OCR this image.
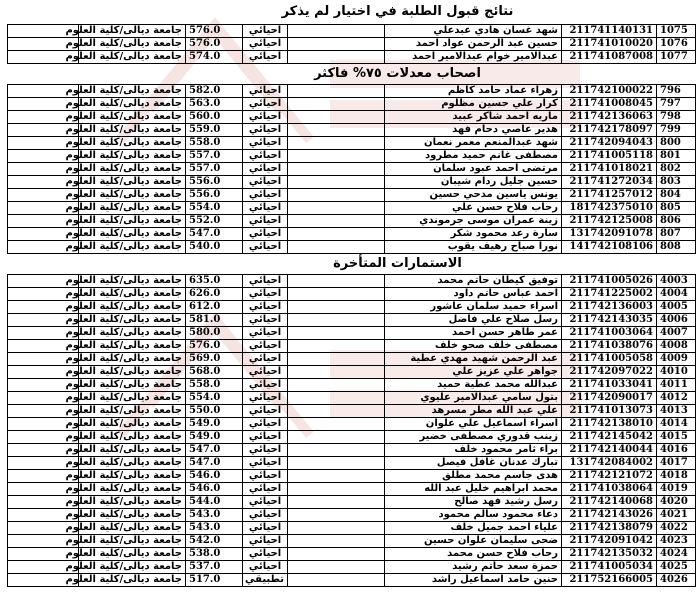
نتائج قبول الطلبة في اختيار لم يذكر
1075	211741140131	شهد غسان هادي عبدعلي		احيائي	576.0	جامعة ديالى/كلية العلوم	
1076	211741010020	حسين عبد الرحمن عواد احمد		احيائي	576.0	جامعة ديالى/كلية العلوم	
1077	211741087008	عبدالامير خوام عبدالامير احمد		احيائي	574.0	جامعة ديالى/كلية العلوم	
اصحاب معدلات ٧٥% فاكثر
796	211742100022	زهراء عماد حامد كاظم		احيائي	582.0	جامعة ديالى/كلية العلوم	
797	211741008045	كرار علي حسين مظلوم		احيائي	563.0	جامعة ديالى/كلية العلوم	
798	211742136063	ماريه احمد شاكر عبيد		احيائي	560.0	جامعة ديالى/كلية العلوم	
799	211742178097	هدير عاصي دحام فهد		احيائي	559.0	جامعة ديالى/كلية العلوم	
800	211742094043	شهد عبدالمنعم معمر نعمان		احيائي	558.0	جامعة ديالى/كلية العلوم	
801	211741005118	مصطفى غانم حميد مطرود		احيائي	557.0	جامعة ديالى/كلية العلوم	
802	211741018021	مرتضى احمد عبود سلمان		احيائي	557.0	جامعة ديالى/كلية العلوم	
803	211741272034	حسين جليل ردام شيبان		احيائي	556.0	جامعة ديالى/كلية العلوم	
804	211741257012	يونس ياسين مدحي حسين		احيائي	556.0	جامعة ديالى/كلية العلوم	
805	181742375010	رحاب فلاح حسن علي		احيائي	554.0	جامعة ديالى/كلية العلوم	
806	211742125008	زينة عمران موسى جرموندي		احيائي	552.0	جامعة ديالى/كلية العلوم	
807	131742091078	سارة رعد محمود شكر		احيائي	547.0	جامعة ديالى/كلية العلوم	
808	141742108106	نورا صباح رهيف يقوب		احيائي	540.0	جامعة ديالى/كلية العلوم	
الاستمارات المتأخرة
4003	211741005026	توفيق كيطان حاتم محمد		احيائي	635.0	جامعة ديالى/كلية العلوم	
4004	211741225002	احمد عباس حاتم داود		احيائي	626.0	جامعة ديالى/كلية العلوم	
4005	211742136003	اسراء حميد سلمان عاشور		احيائي	612.0	جامعة ديالى/كلية العلوم	
4006	211742143035	رسل صلاح علي فاضل		احيائي	581.0	جامعة ديالى/كلية العلوم	
4007	211741003064	عمر طاهر حسن احمد		احيائي	580.0	جامعة ديالى/كلية العلوم	
4008	211741038076	مصطفى خلف صحو خلف		احيائي	576.0	جامعة ديالى/كلية العلوم	
4009	211741005058	عبد الرحمن شهيد مهدي عطية		احيائي	569.0	جامعة ديالى/كلية العلوم	
4010	211742097022	جواهر علي عزيز علي		احيائي	568.0	جامعة ديالى/كلية العلوم	
4011	211741033041	عبدالله محمد عطية حميد		احيائي	558.0	جامعة ديالى/كلية العلوم	
4012	211742090017	بتول سامي عبدالامير عليوي		احيائي	554.0	جامعة ديالى/كلية العلوم	
4013	211741013073	علي عبد الله مطر مسرهد		احيائي	550.0	جامعة ديالى/كلية العلوم	
4014	211742138010	اسراء اسماعيل علي علوان		احيائي	549.0	جامعة ديالى/كلية العلوم	
4015	211742145042	زينب قدوري مصطفى خضير		احيائي	549.0	جامعة ديالى/كلية العلوم	
4016	211742140044	براء ثامر محمود خلف		احيائي	547.0	جامعة ديالى/كلية العلوم	
4017	131742084002	تبارك عدنان غافل فيصل		احيائي	547.0	جامعة ديالى/كلية العلوم	
4018	211742121072	هدى جاسم محمد مطلق		احيائي	546.0	جامعة ديالى/كلية العلوم	
4019	211741038064	محمد ابراهيم خليل عبد الله		احيائي	546.0	جامعة ديالى/كلية العلوم	
4020	211742140068	رسل رشيد فهد صالح		احيائي	544.0	جامعة ديالى/كلية العلوم	
4021	211742143026	دعاء محمود سالم محمود		احيائي	543.0	جامعة ديالى/كلية العلوم	
4022	211742138079	علياء احمد جميل خلف		احيائي	543.0	جامعة ديالى/كلية العلوم	
4023	211742091042	ضحى سليمان علوان حسين		احيائي	542.0	جامعة ديالى/كلية العلوم	
4024	211742135032	رحاب فلاح حسن محمد		احيائي	538.0	جامعة ديالى/كلية العلوم	
4025	211741005034	حمزة سعد حاتم رشيد		احيائي	537.0	جامعة ديالى/كلية العلوم	
4026	211752166005	حنين حامد اسماعيل راشد		تطبيقي	517.0	جامعة ديالى/كلية العلوم	
